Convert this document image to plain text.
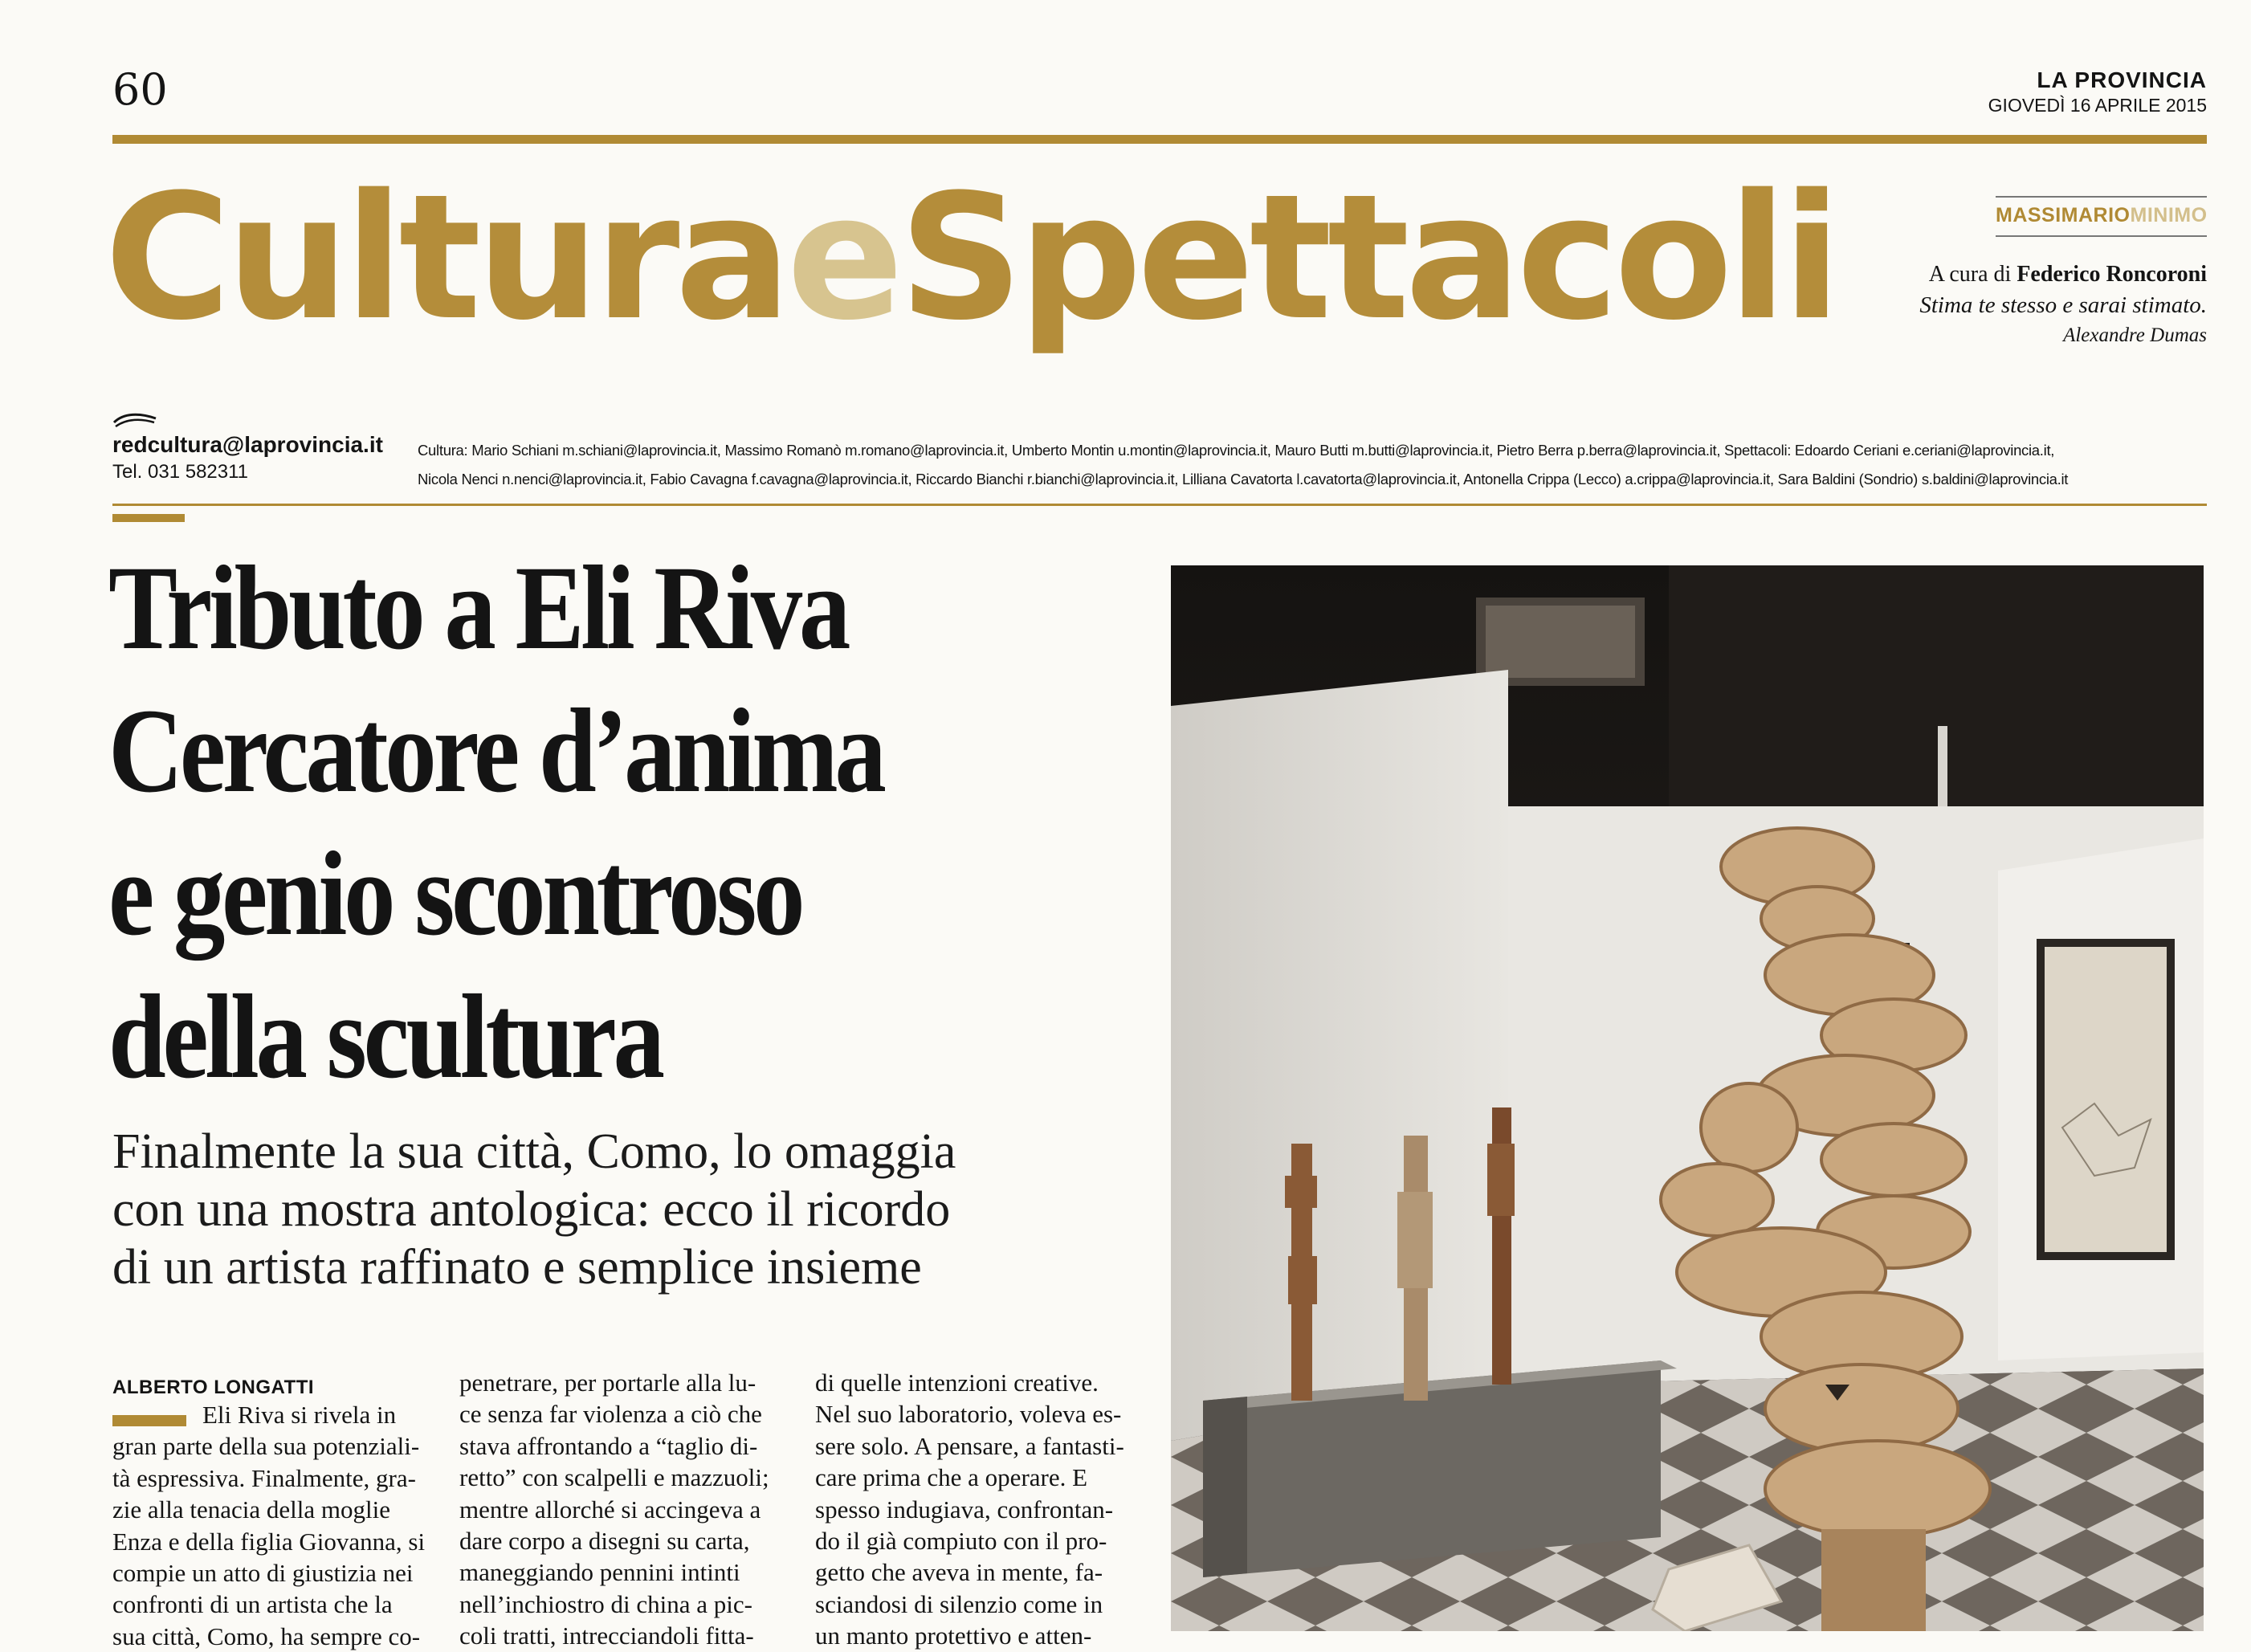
60	LA PROVINCIA
GIOVEDÌ 16 APRILE 2015
CulturaeSpettacoli	MASSIMARIOMINIMO
A cura di Federico Roncoroni
Stima te stesso e sarai stimato.
Alexandre Dumas
redcultura@laprovincia.it
Tel. 031 582311
Cultura: Mario Schiani m.schiani@laprovincia.it, Massimo Romanò m.romano@laprovincia.it, Umberto Montin u.montin@laprovincia.it, Mauro Butti m.butti@laprovincia.it, Pietro Berra p.berra@laprovincia.it, Spettacoli: Edoardo Ceriani e.ceriani@laprovincia.it,
Nicola Nenci n.nenci@laprovincia.it, Fabio Cavagna f.cavagna@laprovincia.it, Riccardo Bianchi r.bianchi@laprovincia.it, Lilliana Cavatorta l.cavatorta@laprovincia.it, Antonella Crippa (Lecco) a.crippa@laprovincia.it, Sara Baldini (Sondrio) s.baldini@laprovincia.it
Tributo a Eli Riva
Cercatore d’anima
e genio scontroso
della scultura
Finalmente la sua città, Como, lo omaggia
con una mostra antologica: ecco il ricordo
di un artista raffinato e semplice insieme
ALBERTO LONGATTI
Eli Riva si rivela in
gran parte della sua potenziali-
tà espressiva. Finalmente, gra-
zie alla tenacia della moglie
Enza e della figlia Giovanna, si
compie un atto di giustizia nei
confronti di un artista che la
sua città, Como, ha sempre co-
penetrare, per portarle alla lu-
ce senza far violenza a ciò che
stava affrontando a “taglio di-
retto” con scalpelli e mazzuoli;
mentre allorché si accingeva a
dare corpo a disegni su carta,
maneggiando pennini intinti
nell’inchiostro di china a pic-
coli tratti, intrecciandoli fitta-
di quelle intenzioni creative.
Nel suo laboratorio, voleva es-
sere solo. A pensare, a fantasti-
care prima che a operare. E
spesso indugiava, confrontan-
do il già compiuto con il pro-
getto che aveva in mente, fa-
sciandosi di silenzio come in
un manto protettivo e atten-
